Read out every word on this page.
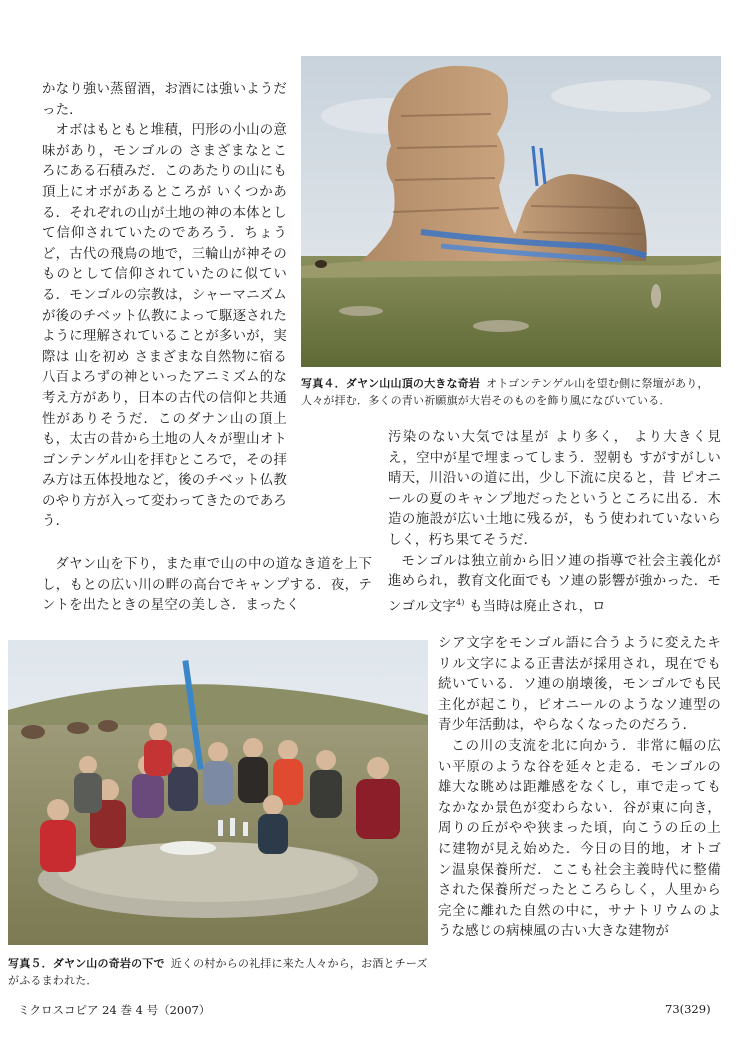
写真４．ダヤン山山頂の大きな奇岩 オトゴンテンゲル山を望む側に祭壇があり，人々が拝む．多くの青い祈願旗が大岩そのものを飾り風になびいている．

かなり強い蒸留酒，お酒には強いようだった．

オボはもともと堆積，円形の小山の意味があり，モンゴルの さまざまなところにある石積みだ．このあたりの山にも頂上にオボがあるところが いくつかある．それぞれの山が土地の神の本体として信仰されていたのであろう．ちょうど，古代の飛鳥の地で，三輪山が神そのものとして信仰されていたのに似ている．モンゴルの宗教は，シャーマニズムが後のチベット仏教によって駆逐されたように理解されていることが多いが，実際は 山を初め さまざまな自然物に宿る八百よろずの神といったアニミズム的な考え方があり，日本の古代の信仰と共通性がありそうだ．このダナン山の頂上も，太古の昔から土地の人々が聖山オトゴンテンゲル山を拝むところで，その拝み方は五体投地など，後のチベット仏教のやり方が入って変わってきたのであろう．

汚染のない大気では星が より多く， より大きく見え，空中が星で埋まってしまう．翌朝も すがすがしい晴天，川沿いの道に出，少し下流に戻ると，昔 ピオニールの夏のキャンプ地だったというところに出る．木造の施設が広い土地に残るが，もう使われていないらしく，朽ち果てそうだ．

モンゴルは独立前から旧ソ連の指導で社会主義化が進められ，教育文化面でも ソ連の影響が強かった．モンゴル文字$^{4)}$ も当時は廃止され，ロ

ダヤン山を下り，また車で山の中の道なき道を上下し，もとの広い川の畔の高台でキャンプする．夜，テントを出たときの星空の美しさ．まったく

シア文字をモンゴル語に合うように変えたキリル文字による正書法が採用され，現在でも続いている．ソ連の崩壊後，モンゴルでも民主化が起こり，ピオニールのようなソ連型の青少年活動は，やらなくなったのだろう．

この川の支流を北に向かう．非常に幅の広い平原のような谷を延々と走る．モンゴルの雄大な眺めは距離感をなくし，車で走っても なかなか景色が変わらない．谷が東に向き，周りの丘がやや狭まった頃，向こうの丘の上に建物が見え始めた．今日の目的地，オトゴン温泉保養所だ．ここも社会主義時代に整備された保養所だったところらしく，人里から完全に離れた自然の中に，サナトリウムのような感じの病棟風の古い大きな建物が

写真５．ダヤン山の奇岩の下で 近くの村からの礼拝に来た人々から，お酒とチーズがふるまわれた．
ミクロスコピア 24 巻 4 号（2007）	73(329)
